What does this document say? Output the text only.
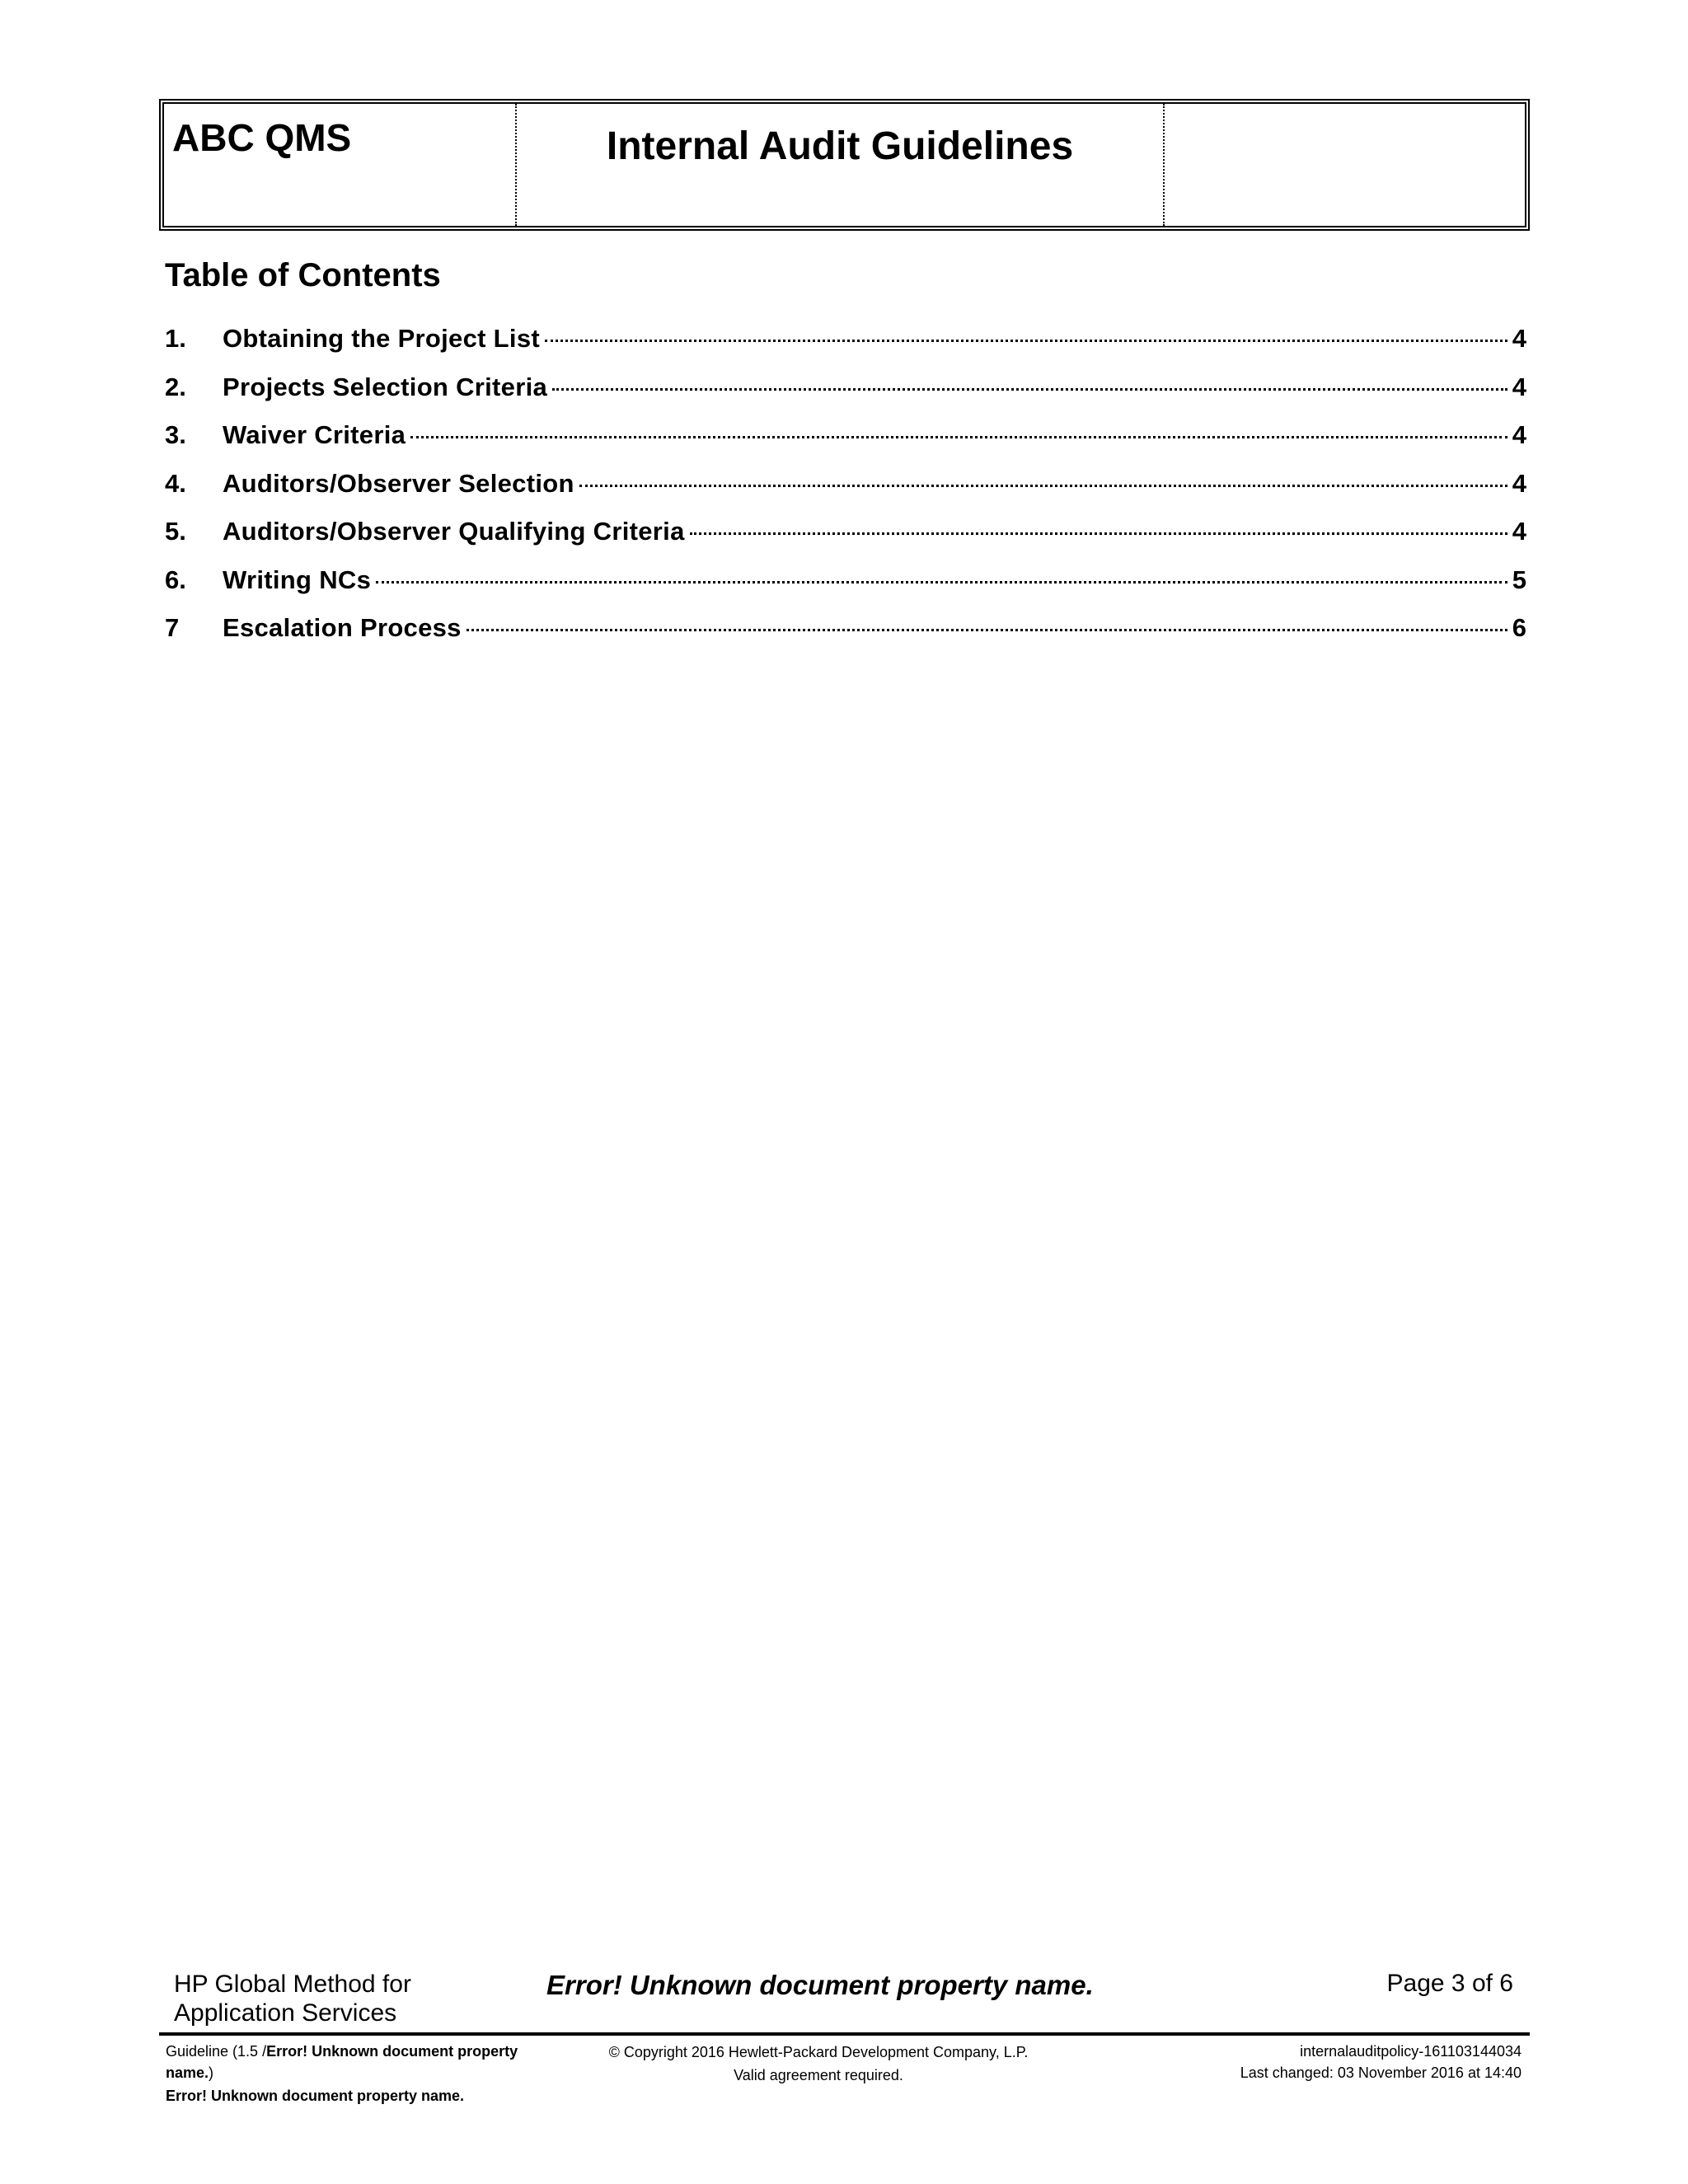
ABC QMS	Internal Audit Guidelines
Table of Contents
1.	Obtaining the Project List	4
2.	Projects Selection Criteria	4
3.	Waiver Criteria	4
4.	Auditors/Observer Selection	4
5.	Auditors/Observer Qualifying Criteria	4
6.	Writing NCs	5
7	Escalation Process	6
HP Global Method for
Application Services
Error! Unknown document property name.	Page 3 of 6
Guideline (1.5 /Error! Unknown document property name.)
Error! Unknown document property name.
© Copyright 2016 Hewlett-Packard Development Company, L.P.
Valid agreement required.
internalauditpolicy-161103144034
Last changed: 03 November 2016 at 14:40
